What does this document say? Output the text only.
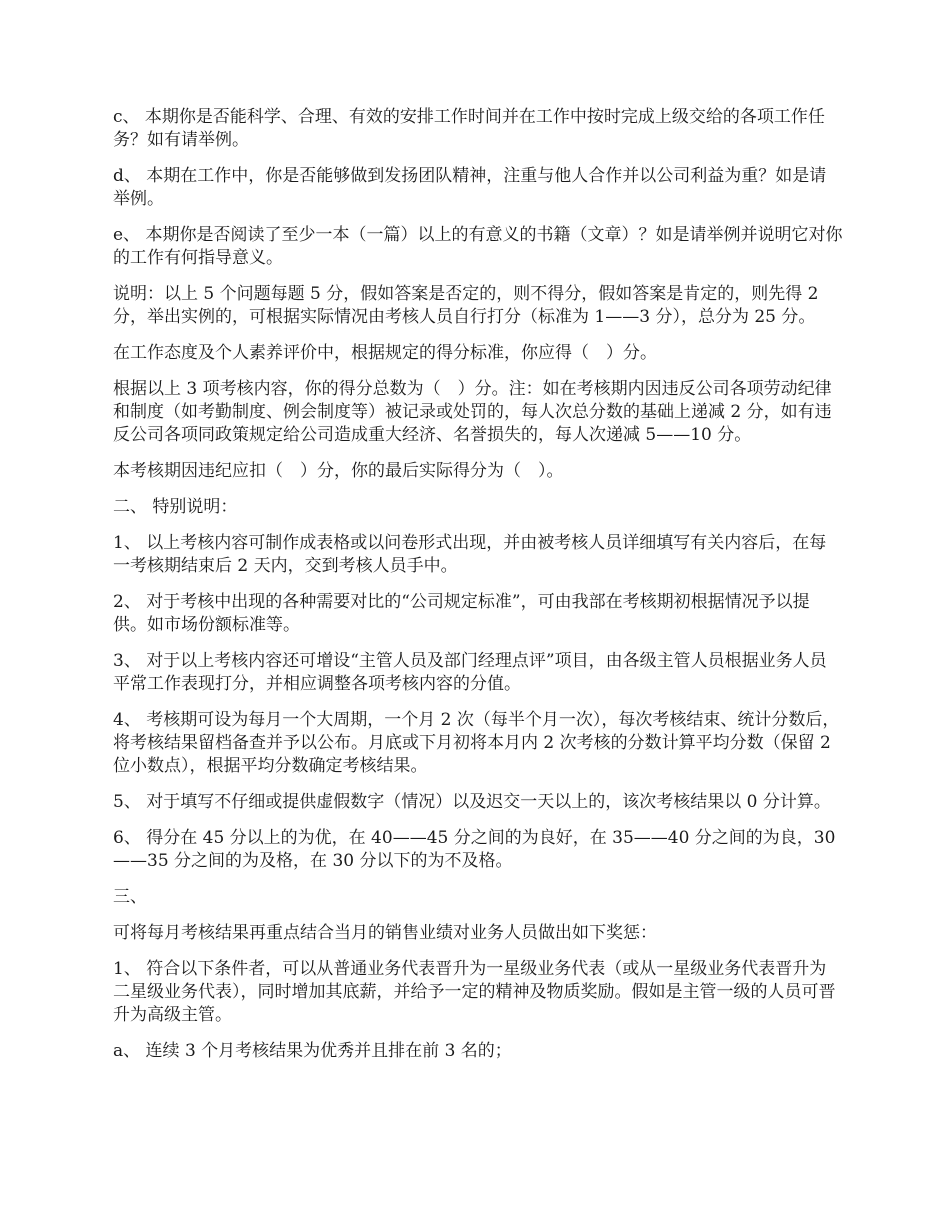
c、 本期你是否能科学、合理、有效的安排工作时间并在工作中按时完成上级交给的各项工作任务？如有请举例。

d、 本期在工作中，你是否能够做到发扬团队精神，注重与他人合作并以公司利益为重？如是请举例。

e、 本期你是否阅读了至少一本（一篇）以上的有意义的书籍（文章）？如是请举例并说明它对你的工作有何指导意义。

说明：以上 5 个问题每题 5 分，假如答案是否定的，则不得分，假如答案是肯定的，则先得 2 分，举出实例的，可根据实际情况由考核人员自行打分（标准为 1——3 分），总分为 25 分。

在工作态度及个人素养评价中，根据规定的得分标准，你应得（　）分。

根据以上 3 项考核内容，你的得分总数为（　）分。注：如在考核期内因违反公司各项劳动纪律和制度（如考勤制度、例会制度等）被记录或处罚的，每人次总分数的基础上递减 2 分，如有违反公司各项同政策规定给公司造成重大经济、名誉损失的，每人次递减 5——10 分。

本考核期因违纪应扣（　）分，你的最后实际得分为（　）。

二、 特别说明：

1、 以上考核内容可制作成表格或以问卷形式出现，并由被考核人员详细填写有关内容后，在每一考核期结束后 2 天内，交到考核人员手中。

2、 对于考核中出现的各种需要对比的“公司规定标准”，可由我部在考核期初根据情况予以提供。如市场份额标准等。

3、 对于以上考核内容还可增设“主管人员及部门经理点评”项目，由各级主管人员根据业务人员平常工作表现打分，并相应调整各项考核内容的分值。

4、 考核期可设为每月一个大周期，一个月 2 次（每半个月一次），每次考核结束、统计分数后，将考核结果留档备查并予以公布。月底或下月初将本月内 2 次考核的分数计算平均分数（保留 2 位小数点），根据平均分数确定考核结果。

5、 对于填写不仔细或提供虚假数字（情况）以及迟交一天以上的，该次考核结果以 0 分计算。

6、 得分在 45 分以上的为优，在 40——45 分之间的为良好，在 35——40 分之间的为良，30——35 分之间的为及格，在 30 分以下的为不及格。

三、

可将每月考核结果再重点结合当月的销售业绩对业务人员做出如下奖惩：

1、 符合以下条件者，可以从普通业务代表晋升为一星级业务代表（或从一星级业务代表晋升为二星级业务代表），同时增加其底薪，并给予一定的精神及物质奖励。假如是主管一级的人员可晋升为高级主管。

a、 连续 3 个月考核结果为优秀并且排在前 3 名的；
